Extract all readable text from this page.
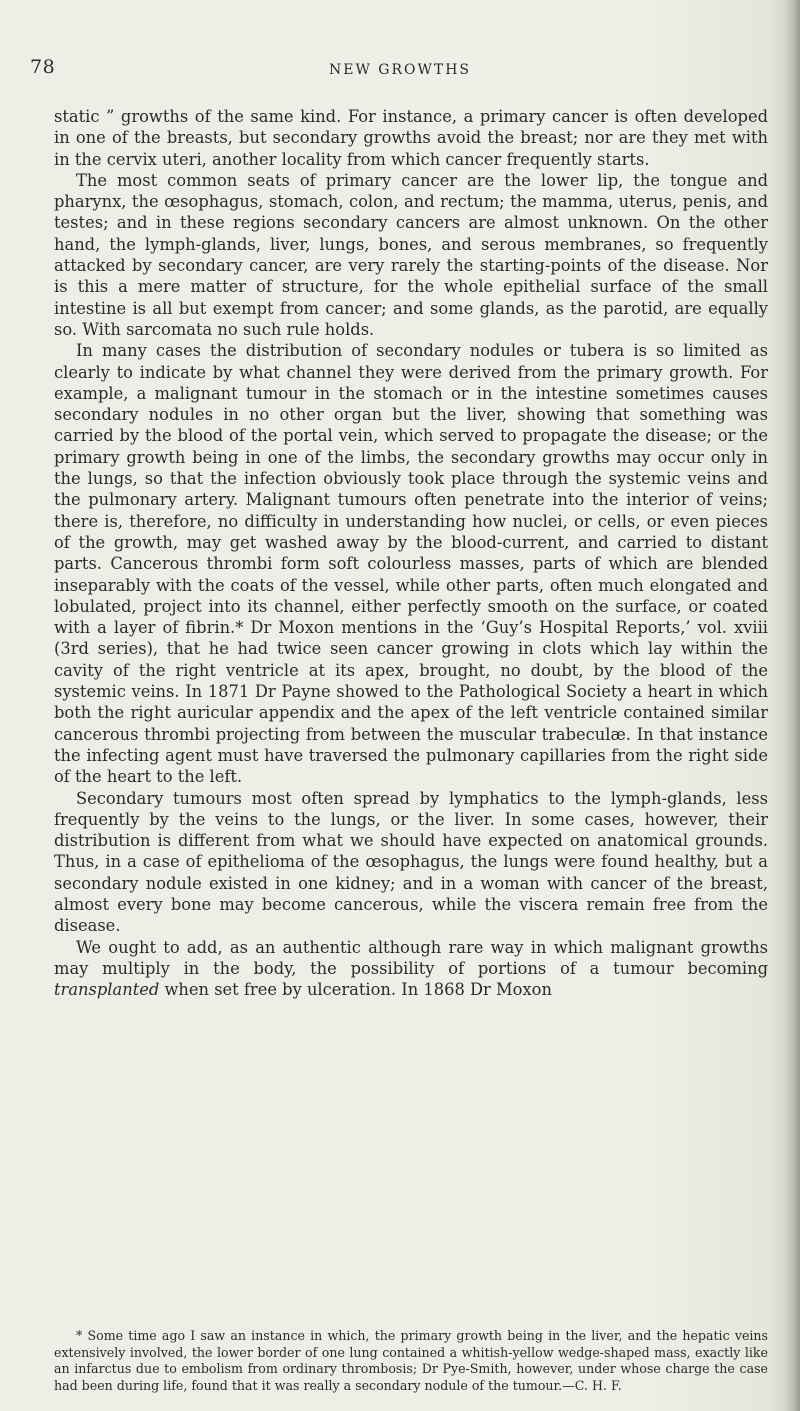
78	NEW GROWTHS

static ” growths of the same kind. For instance, a primary cancer is often developed in one of the breasts, but secondary growths avoid the breast; nor are they met with in the cervix uteri, another locality from which cancer frequently starts.

The most common seats of primary cancer are the lower lip, the tongue and pharynx, the œsophagus, stomach, colon, and rectum; the mamma, uterus, penis, and testes; and in these regions secondary cancers are almost unknown. On the other hand, the lymph-glands, liver, lungs, bones, and serous membranes, so frequently attacked by secondary cancer, are very rarely the starting-points of the disease. Nor is this a mere matter of structure, for the whole epithelial surface of the small intestine is all but exempt from cancer; and some glands, as the parotid, are equally so. With sarcomata no such rule holds.

In many cases the distribution of secondary nodules or tubera is so limited as clearly to indicate by what channel they were derived from the primary growth. For example, a malignant tumour in the stomach or in the intestine sometimes causes secondary nodules in no other organ but the liver, showing that something was carried by the blood of the portal vein, which served to propagate the disease; or the primary growth being in one of the limbs, the secondary growths may occur only in the lungs, so that the infection obviously took place through the systemic veins and the pulmonary artery. Malignant tumours often penetrate into the interior of veins; there is, therefore, no difficulty in understanding how nuclei, or cells, or even pieces of the growth, may get washed away by the blood-current, and carried to distant parts. Cancerous thrombi form soft colourless masses, parts of which are blended inseparably with the coats of the vessel, while other parts, often much elongated and lobulated, project into its channel, either perfectly smooth on the surface, or coated with a layer of fibrin.* Dr Moxon mentions in the ‘Guy’s Hospital Reports,’ vol. xviii (3rd series), that he had twice seen cancer growing in clots which lay within the cavity of the right ventricle at its apex, brought, no doubt, by the blood of the systemic veins. In 1871 Dr Payne showed to the Pathological Society a heart in which both the right auricular appendix and the apex of the left ventricle contained similar cancerous thrombi projecting from between the muscular trabeculæ. In that instance the infecting agent must have traversed the pulmonary capillaries from the right side of the heart to the left.

Secondary tumours most often spread by lymphatics to the lymph-glands, less frequently by the veins to the lungs, or the liver. In some cases, however, their distribution is different from what we should have expected on anatomical grounds. Thus, in a case of epithelioma of the œsophagus, the lungs were found healthy, but a secondary nodule existed in one kidney; and in a woman with cancer of the breast, almost every bone may become cancerous, while the viscera remain free from the disease.

We ought to add, as an authentic although rare way in which malignant growths may multiply in the body, the possibility of portions of a tumour becoming transplanted when set free by ulceration. In 1868 Dr Moxon

* Some time ago I saw an instance in which, the primary growth being in the liver, and the hepatic veins extensively involved, the lower border of one lung contained a whitish-yellow wedge-shaped mass, exactly like an infarctus due to embolism from ordinary thrombosis; Dr Pye-Smith, however, under whose charge the case had been during life, found that it was really a secondary nodule of the tumour.—C. H. F.
